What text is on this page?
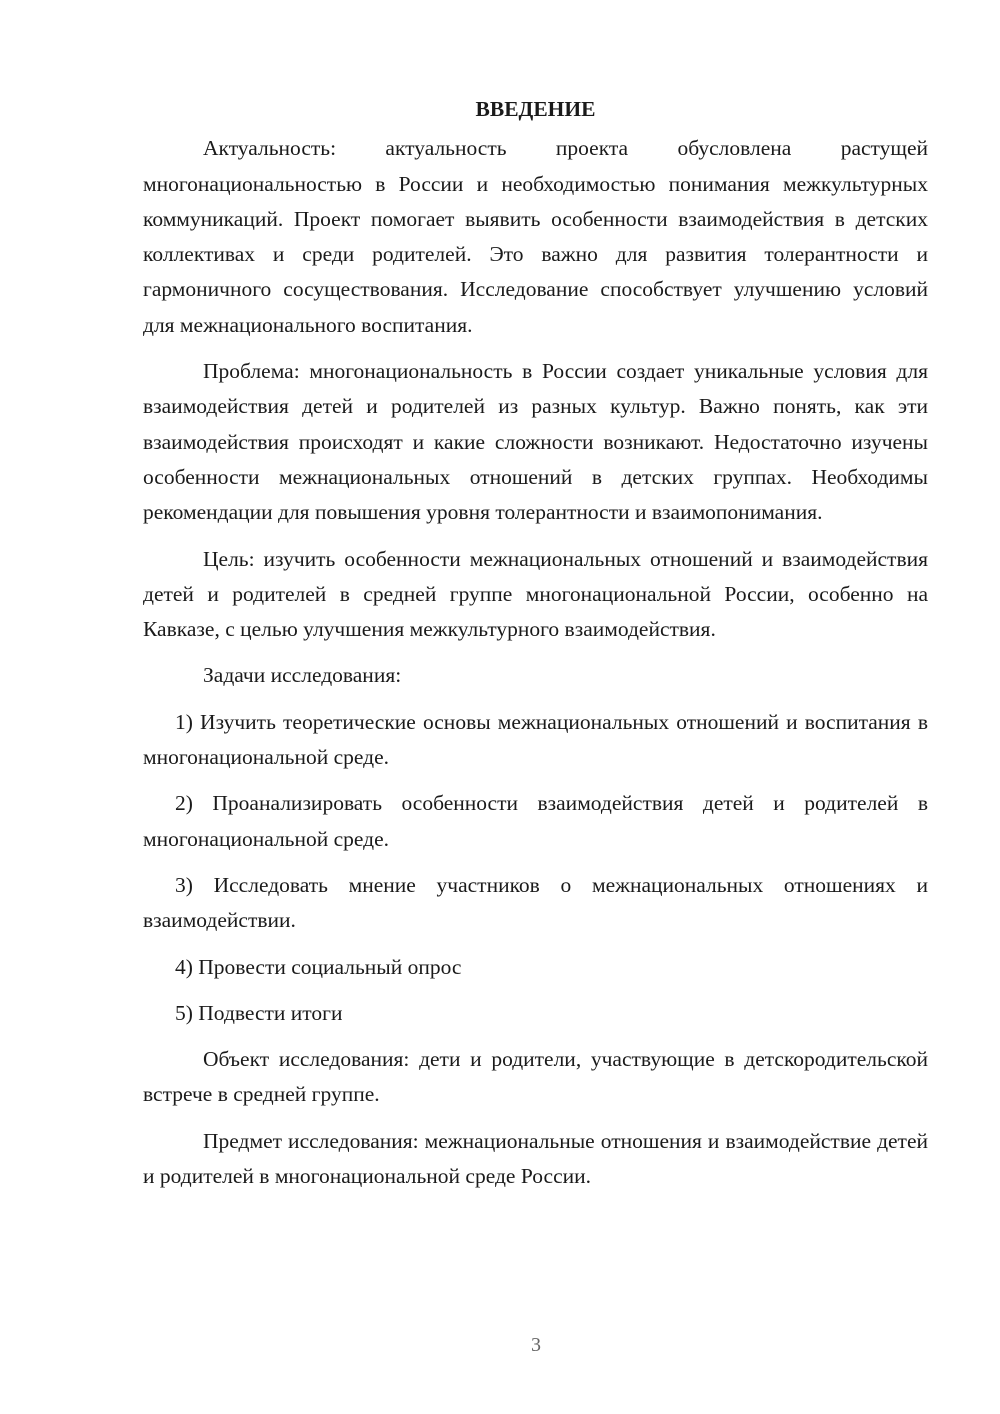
ВВЕДЕНИЕ

Актуальность: актуальность проекта обусловлена растущей многонациональностью в России и необходимостью понимания межкультурных коммуникаций. Проект помогает выявить особенности взаимодействия в детских коллективах и среди родителей. Это важно для развития толерантности и гармоничного сосуществования. Исследование способствует улучшению условий для межнационального воспитания.

Проблема: многонациональность в России создает уникальные условия для взаимодействия детей и родителей из разных культур. Важно понять, как эти взаимодействия происходят и какие сложности возникают. Недостаточно изучены особенности межнациональных отношений в детских группах. Необходимы рекомендации для повышения уровня толерантности и взаимопонимания.

Цель: изучить особенности межнациональных отношений и взаимодействия детей и родителей в средней группе многонациональной России, особенно на Кавказе, с целью улучшения межкультурного взаимодействия.

Задачи исследования:

1) Изучить теоретические основы межнациональных отношений и воспитания в многонациональной среде.

2) Проанализировать особенности взаимодействия детей и родителей в многонациональной среде.

3) Исследовать мнение участников о межнациональных отношениях и взаимодействии.

4) Провести социальный опрос

5) Подвести итоги

Объект исследования: дети и родители, участвующие в детскородительской встрече в средней группе.

Предмет исследования: межнациональные отношения и взаимодействие детей и родителей в многонациональной среде России.

3
